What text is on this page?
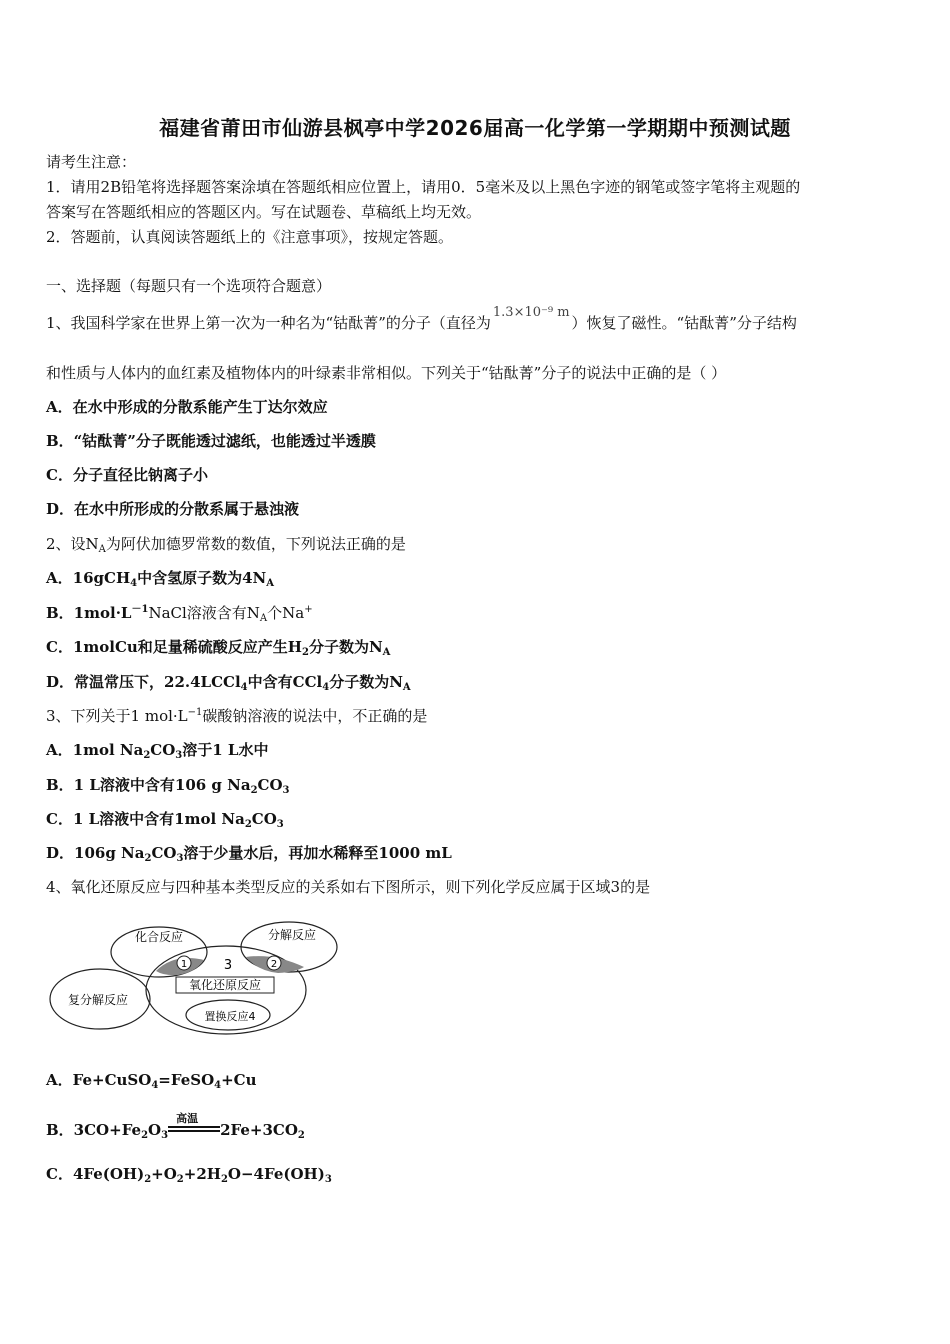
福建省莆田市仙游县枫亭中学2026届高一化学第一学期期中预测试题
请考生注意：
1．请用2B铅笔将选择题答案涂填在答题纸相应位置上，请用0．5毫米及以上黑色字迹的钢笔或签字笔将主观题的
答案写在答题纸相应的答题区内。写在试题卷、草稿纸上均无效。
2．答题前，认真阅读答题纸上的《注意事项》，按规定答题。
一、选择题（每题只有一个选项符合题意）
1、我国科学家在世界上第一次为一种名为“钴酞菁”的分子（直径为1.3×10⁻⁹ m）恢复了磁性。“钴酞菁”分子结构
和性质与人体内的血红素及植物体内的叶绿素非常相似。下列关于“钴酞菁”分子的说法中正确的是（ ）
A．在水中形成的分散系能产生丁达尔效应
B．“钴酞菁”分子既能透过滤纸，也能透过半透膜
C．分子直径比钠离子小
D．在水中所形成的分散系属于悬浊液
2、设$N_A$为阿伏加德罗常数的数值，下列说法正确的是
A．16gCH$_4$中含氢原子数为$4N_A$
B．$1mol\cdot L^{-1}NaCl$溶液含有$N_A$个Na+
C．1molCu和足量稀硫酸反应产生$H_2$分子数为$N_A$
D．常温常压下，22.4LCCl$_4$中含有CCl$_4$分子数为$N_A$
3、下列关于1 $mol\cdot L^{-1}$碳酸钠溶液的说法中，不正确的是
A．1mol $Na_2CO_3$溶于1 L水中
B．1 L溶液中含有106 g $Na_2CO_3$
C．1 L溶液中含有1mol $Na_2CO_3$
D．106g $Na_2CO_3$溶于少量水后，再加水稀释至1000 mL
4、氧化还原反应与四种基本类型反应的关系如右下图所示，则下列化学反应属于区域3的是
化合反应	分解反应
复分解反应
氧化还原反应
置换反应4
1	2
3
A．Fe+CuSO$_4$=FeSO$_4$+Cu
B．$3CO+Fe_2O_3$
高温
$2Fe+3CO_2$
C．$4Fe(OH)_2+O_2+2H_2O-4Fe(OH)_3$
